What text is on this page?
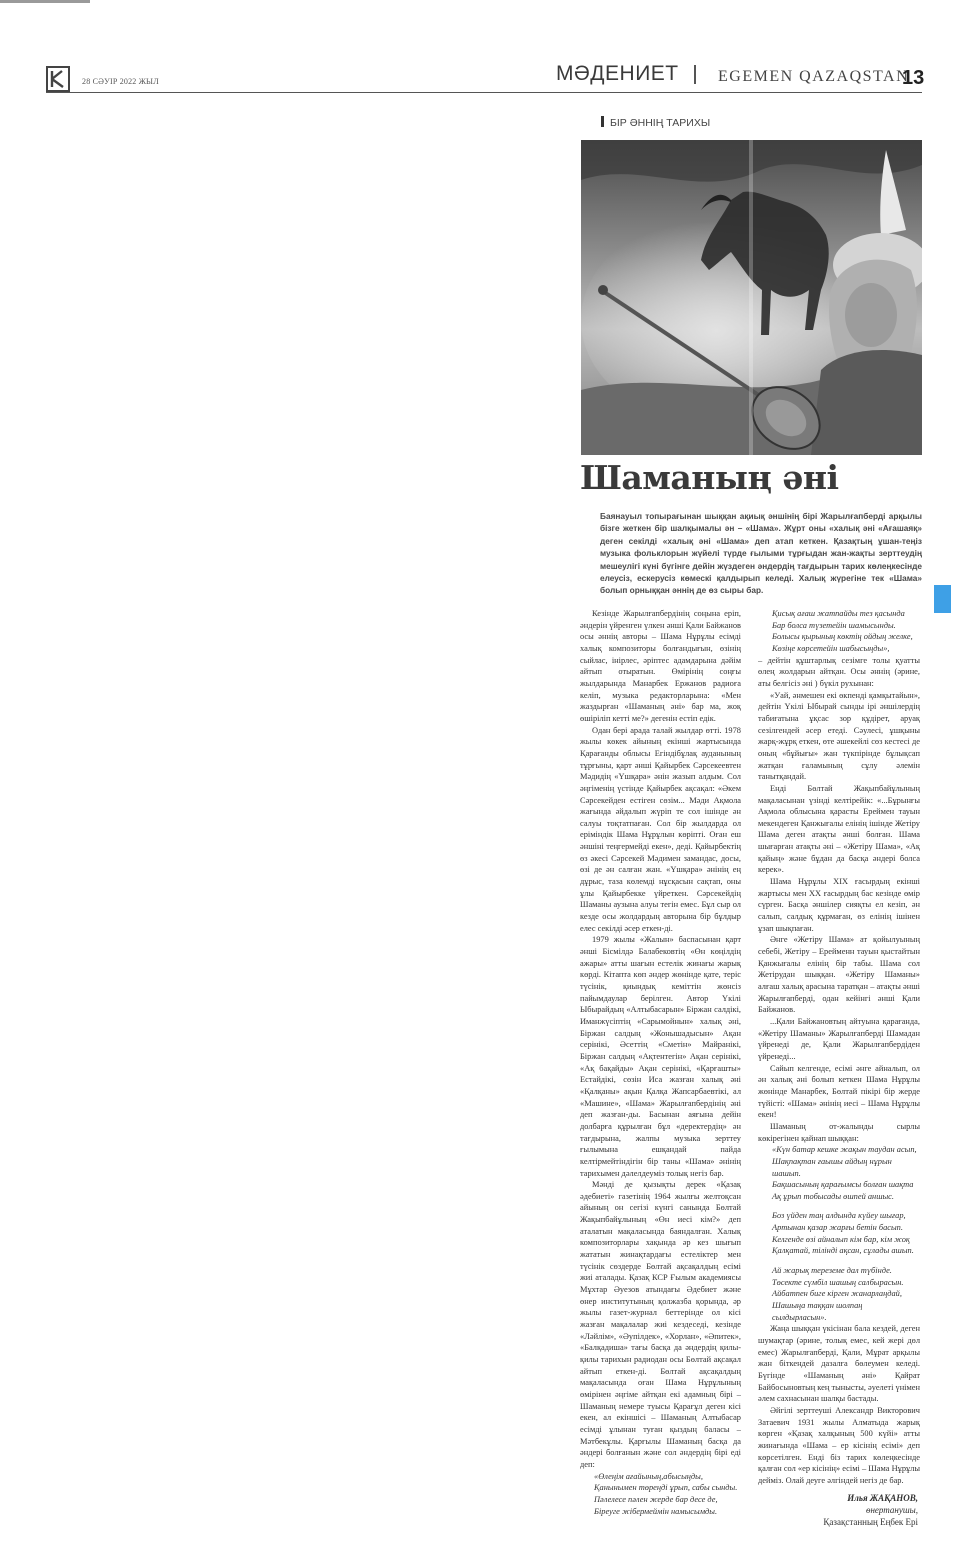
28 СӘУІР 2022 ЖЫЛ	МӘДЕНИЕТ EGEMEN QAZAQSTAN
13
БІР ӘННІҢ ТАРИХЫ
Шаманың әні
Баянауыл топырағынан шыққан ақиық әншінің бірі Жарылғапберді арқылы бізге жеткен бір шалқымалы ән – «Шама». Жұрт оны «халық әні «Ағашаяқ» деген секілді «халық әні «Шама» деп атап кеткен. Қазақтың ұшан-теңіз музыка фольклорын жүйелі түрде ғылыми тұрғыдан жан-жақты зерттеудің мешеулігі күні бүгінге дейін жүздеген әндердің тағдырын тарих көлеңкесінде елеусіз, ескерусіз көмескі қалдырып келеді. Халық жүрегіне тек «Шама» болып орныққан әннің де өз сыры бар.

Кезінде Жарылғапбердінің соңына еріп, әндерін үйренген үлкен әнші Қали Байжанов осы әннің авторы – Шама Нұрұлы есімді халық композиторы болғандығын, өзінің сыйлас, інірлес, әріптес адамдарына дәйім айтып отыратын. Өмірінің соңғы жылдарында Манарбек Ержанов радиоға келіп, музыка редакторларына: «Мен жаздырған «Шаманың әні» бар ма, жоқ өшіріліп кетті ме?» дегенін естіп едік.

Одан бері арада талай жылдар өтті. 1978 жылы көкек айының екінші жартысында Қарағанды облысы Егіндібұлақ ауданының тұрғыны, қарт әнші Қайырбек Сәрсекеевтен Мәдидің «Үшқара» әнін жазып алдым. Сол әңгіменің үстінде Қайырбек ақсақал: «Әкем Сәрсекейден естіген сөзім... Мәди Ақмола жағында әйдалып жүріп те сол ішінде ән салуы тоқтатпаған. Сол бір жылдарда ол еріміндік Шама Нұрұлын көріпті. Оған еш әншіні теңгермейді екен», деді. Қайырбектің өз әкесі Сәрсекей Мәдимен замандас, досы, өзі де ән салған жан. «Үшқара» әнінің ең дұрыс, таза көлемді нұсқасын сақтап, оны ұлы Қайырбекке үйреткен. Сәрсекейдің Шаманы аузына алуы тегін емес. Бұл сыр ол кезде осы жолдардың авторына бір бұлдыр елес секілді әсер еткен-ді.

1979 жылы «Жалын» баспасынан қарт әнші Бісмілдә Балабековтің «Өн көңілдің ажары» атты шағын естелік жинағы жарық көрді. Кітапта көп әндер жөнінде қате, терiс түсінік, қиындық кеміттін жөнсіз пайымдаулар берілген. Автор Үкілі Ыбырайдың «Алтыбасарын» Біржан салдікі, Иманжүсіптің «Сарымойнын» халық әні, Біржан салдың «Жонышадысын» Ақан серінікі, Әсеттің «Сметін» Майранікі, Біржан салдың «Ақтентегін» Ақан серінікі, «Ақ бақайды» Ақан серінікі, «Қарғашты» Естайдікі, сөзін Иса жазған халық әні «Қалқаны» ақын Қалқа Жапсарбаевтікі, ал «Машине», «Шама» Жарылғапбердінің әні деп жазған-ды. Басынан аяғына дейін долбарға құрылған бұл «деректердің» ән тағдырына, жалпы музыка зерттеу ғылымына ешқандай пайда келтірмейтіндігін бір таны «Шама» әнінің тарихымен дәлелдеуміз толық негіз бар.

Мәнді де қызықты дерек «Қазақ әдебиеті» газетінің 1964 жылғы желтоқсан айының он сегізі күнгі санында Бөлтай Жақыпбайұлының «Өн иесі кім?» деп аталатын мақаласында баяндалған. Халық композиторлары хақында әр кез шығып жататын жинақтардағы естеліктер мен түсінік сөздерде Бөлтай ақсақалдың есімі жиі аталады. Қазақ КСР Ғылым академиясы Мұхтар Әуезов атындағы Әдебиет және өнер институтының қолжазба қорында, әр жылы газет-журнал беттерінде ол кісі жазған мақалалар жиі кездеседі, кезінде «Ләйлім», «Әупілдек», «Хорлан», «Әпитек», «Балқадиша» тағы басқа да әндердің қилы-қилы тарихын радиодан осы Бөлтай ақсақал айтып еткен-ді. Бөлтай ақсақалдың мақаласында оған Шама Нұрұлының өмірінен әңгіме айтқан екі адамның бірі – Шаманың немере туысы Қарағұл деген кісі екен, ал екіншісі – Шаманың Алтыбасар есімді ұлынан туған қыздың баласы – Мәтбекұлы. Қарғылы Шаманың басқа да әндері болғанын және сол әндердің бірі еді деп:

«Өлеңім ағайының,абысыңды,
Қанынымен төреңді ұрып, сабы сынды.
Пәлелесе пәлен жерде бар десе де,
Біреуге жібермеймін намысымды.

Қисық ағаш жатпайды тез қасында
Бар болса түзетейін шамысынды.
Болысы қырының көктің ойдың желке,
Көзіңе көрсетейін шабысыңды»,

– дейтін құштарлық сезімге толы қуатты өлең жолдарын айтқан. Осы әннің (әрине, аты белгісіз әні ) бүкіл рухынан:

«Уай, әнмешен екі өкпенді қамқытайын», дейтін Үкілі Ыбырай сынды ірі әншілердің табиғатына ұқсас зор құдірет, аруақ сезілгендей әсер етеді. Сәулесі, ұшқыны жарқ-жұрқ еткен, өте әшекейлі сөз кестесі де оның «бұйығы» жан түкпірінде бұлықсап жатқан ғаламының сұлу әлемін танытқандай.

Енді Бөлтай Жақыпбайұлының мақаласынан үзінді келтірейік: «...Бұрынғы Ақмола облысына қарасты Ереймен тауын мекендеген Қанжығалы елінің ішінде Жетіру Шама деген атақты әнші болған. Шама шығарған атақты әні – «Жетіру Шама», «Ақ қайың» және бұдан да басқа әндері болса керек».

Шама Нұрұлы ХІХ ғасырдың екінші жартысы мен ХХ ғасырдың бас кезінде өмір сүрген. Басқа әншілер сияқты ел кезіп, ән салып, салдық құрмаған, өз елінің ішінен ұзап шықпаған.

Әнге «Жетіру Шама» ат қойылуының себебі, Жетіру – Ерейменн тауын қыстайтын Қанжығалы елінің бір табы. Шама сол Жетірудан шыққан. «Жетіру Шаманы» алғаш халық арасына таратқан – атақты әнші Жарылғапберді, одан кейінгі әнші Қали Байжанов.

...Қали Байжановтың айтуына қарағанда, «Жетіру Шаманы» Жарылғапберді Шамадан үйренеді де, Қали Жарылғапбердіден үйренеді...

Сайып келгенде, есімі әнге айналып, ол ән халық әні болып кеткен Шама Нұрұлы жөнінде Манарбек, Бөлтай пікірі бір жерде түйісті: «Шама» әнінің иесі – Шама Нұрұлы екен!

Шаманың от-жалынды сырлы көкірегінен қайнап шыққан:

«Күн батар кешке жақын таудан асып,
Шақпақтан ғаышы айдың нұрын шашып.
Бақшасының қарағымсы болған шақта
Ақ ұрып тобысады өшпей аншыс.

Боз үйден таң алдында күйеу шығар,
Артынан қазар жарғы бетін басып.
Келгенде өзі айналып кім бар, кім жоқ
Қалқатай, тілінді ақсан, сұлады ашып.

Ай жарық тереземе дал түбінде.
Төсекте сүмбіл шашың салбырасын.
Айбатпен биге кірген жанарлаңдай,
Шашыңа таққан шолпаң
сылдырласын».

Жаңа шыққан үкісінан бала кездей, деген шумақтар (әрине, толық емес, кей жері дөл емес) Жарылғапберді, Қали, Мұрат арқылы жан біткендей дазалға бөлеумен келеді. Бүгінде «Шаманың әні» Қайрат Байбосыновтың кең тынысты, әуелеті үнімен әлем сахнасынан шалқы бастады.

Әйгілі зерттеуші Александр Викторович Затаевич 1931 жылы Алматыда жарық көрген «Қазақ халқының 500 күйі» атты жинағында «Шама – ер кісінің есімі» деп көрсетілген. Енді біз тарих көлеңкесінде қалған сол «ер кісінің» есімі – Шама Нұрұлы дейміз. Олай деуге әлгіндей негіз де бар.

Илья ЖАҚАНОВ,
өнертанушы,
Қазақстанның Еңбек Ері
